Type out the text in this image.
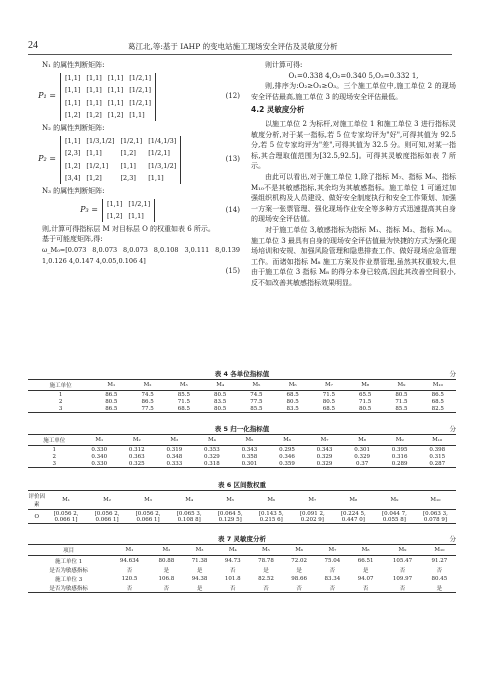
24	葛江北,等:基于 IAHP 的变电站施工现场安全评估及灵敏度分析

N₁ 的属性判断矩阵:

P₁ =
[1,1] [1,1] [1,1] [1/2,1]
[1,1] [1,1] [1,1] [1/2,1]
[1,1] [1,1] [1,1] [1/2,1]
[1,2] [1,2] [1,2] [1,1]
(12)

N₂ 的属性判断矩阵:

P₂ =
[1,1] [1/3,1/2] [1/2,1] [1/4,1/3]
[2,3] [1,1]	[1,2]	[1/2,1]
[1,2] [1/2,1]	[1,1]	[1/3,1/2]
[3,4] [1,2]	[2,3]	[1,1]
(13)

N₃ 的属性判断矩阵:

P₃ =
[1,1] [1/2,1]
[1,2] [1,1]
(14)

则,计算可得指标层 M 对目标层 O 的权重如表 6 所示。

基于可能度矩阵,得:

ω_M₀=[0.073 8,0.073 8,0.073 8,0.108 3,0.111 8,0.139 1,0.126 4,0.147 4,0.05,0.106 4]

(15)

则计算可得:

O₁=0.338 4,O₂=0.340 5,O₃=0.332 1,

则,排序为:O₂≥O₁≥O₃。三个施工单位中,施工单位 2 的现场安全评估最高,施工单位 3 的现场安全评估最低。

4.2 灵敏度分析

以施工单位 2 为标杆,对施工单位 1 和施工单位 3 进行指标灵敏度分析,对于某一指标,若 5 位专家均评为"好",可得其值为 92.5 分,若 5 位专家均评为"差",可得其值为 32.5 分。则可知,对某一指标,其合理取值范围为[32.5,92.5]。可得其灵敏度指标如表 7 所示。

由此可以看出,对于施工单位 1,除了指标 M₇、指标 M₉、指标 M₁₀不是其敏感指标,其余均为其敏感指标。施工单位 1 可通过加强组织机构及人员建设、做好安全制度执行和安全工作策划、加强一方案一张票管理、强化现场作业安全等多种方式迅速提高其自身的现场安全评估值。

对于施工单位 3,敏感指标为指标 M₁、指标 M₃、指标 M₁₀。施工单位 3 最具有自身的现场安全评估值最为快捷的方式为强化现场培训和安规、加强风险管理和隐患排查工作、做好现场应急管理工作。而诸如指标 M₈ 施工方案及作业票管理,虽然其权重较大,但由于施工单位 3 指标 M₈ 的得分本身已较高,因此其改善空间很小,反不如改善其敏感指标效果明显。

表 4 各单位指标值	分
施工单位	M₁	M₂	M₃	M₄	M₅	M₆	M₇	M₈	M₉	M₁₀
1	86.5	74.5	85.5	80.5	74.5	68.5	71.5	65.5	80.5	86.5
2	80.5	86.5	71.5	83.5	77.5	80.5	80.5	71.5	71.5	68.5
3	86.5	77.5	68.5	80.5	85.5	83.5	68.5	80.5	85.5	82.5
表 5 归一化指标值	分
施工单位	M₁	M₂	M₃	M₄	M₅	M₆	M₇	M₈	M₉	M₁₀
1	0.330	0.312	0.319	0.353	0.343	0.295	0.343	0.301	0.395	0.398
2	0.340	0.363	0.348	0.329	0.358	0.346	0.329	0.329	0.316	0.315
3	0.330	0.325	0.333	0.318	0.301	0.359	0.329	0.37	0.289	0.287
表 6 区间数权重
评价因素	M₁	M₂	M₃	M₄	M₅	M₆	M₇	M₈	M₉	M₁₀
O	[0.056 2, 0.066 1]	[0.056 2, 0.066 1]	[0.056 2, 0.066 1]	[0.065 3, 0.108 8]	[0.064 5, 0.129 5]	[0.143 5, 0.215 6]	[0.091 2, 0.202 9]	[0.224 5, 0.447 0]	[0.044 7, 0.055 8]	[0.063 3, 0.078 9]
表 7 灵敏度分析	分
项目	M₁	M₂	M₃	M₄	M₅	M₆	M₇	M₈	M₉	M₁₀
施工单位 1	94.634	80.88	71.38	94.73	78.78	72.02	75.04	66.51	105.47	91.27
是否为敏感指标	否	是	是	否	是	是	否	是	否	否
施工单位 3	120.5	106.8	94.38	101.8	82.52	98.66	83.34	94.07	109.97	80.45
是否为敏感指标	否	否	是	否	否	否	否	否	否	是
